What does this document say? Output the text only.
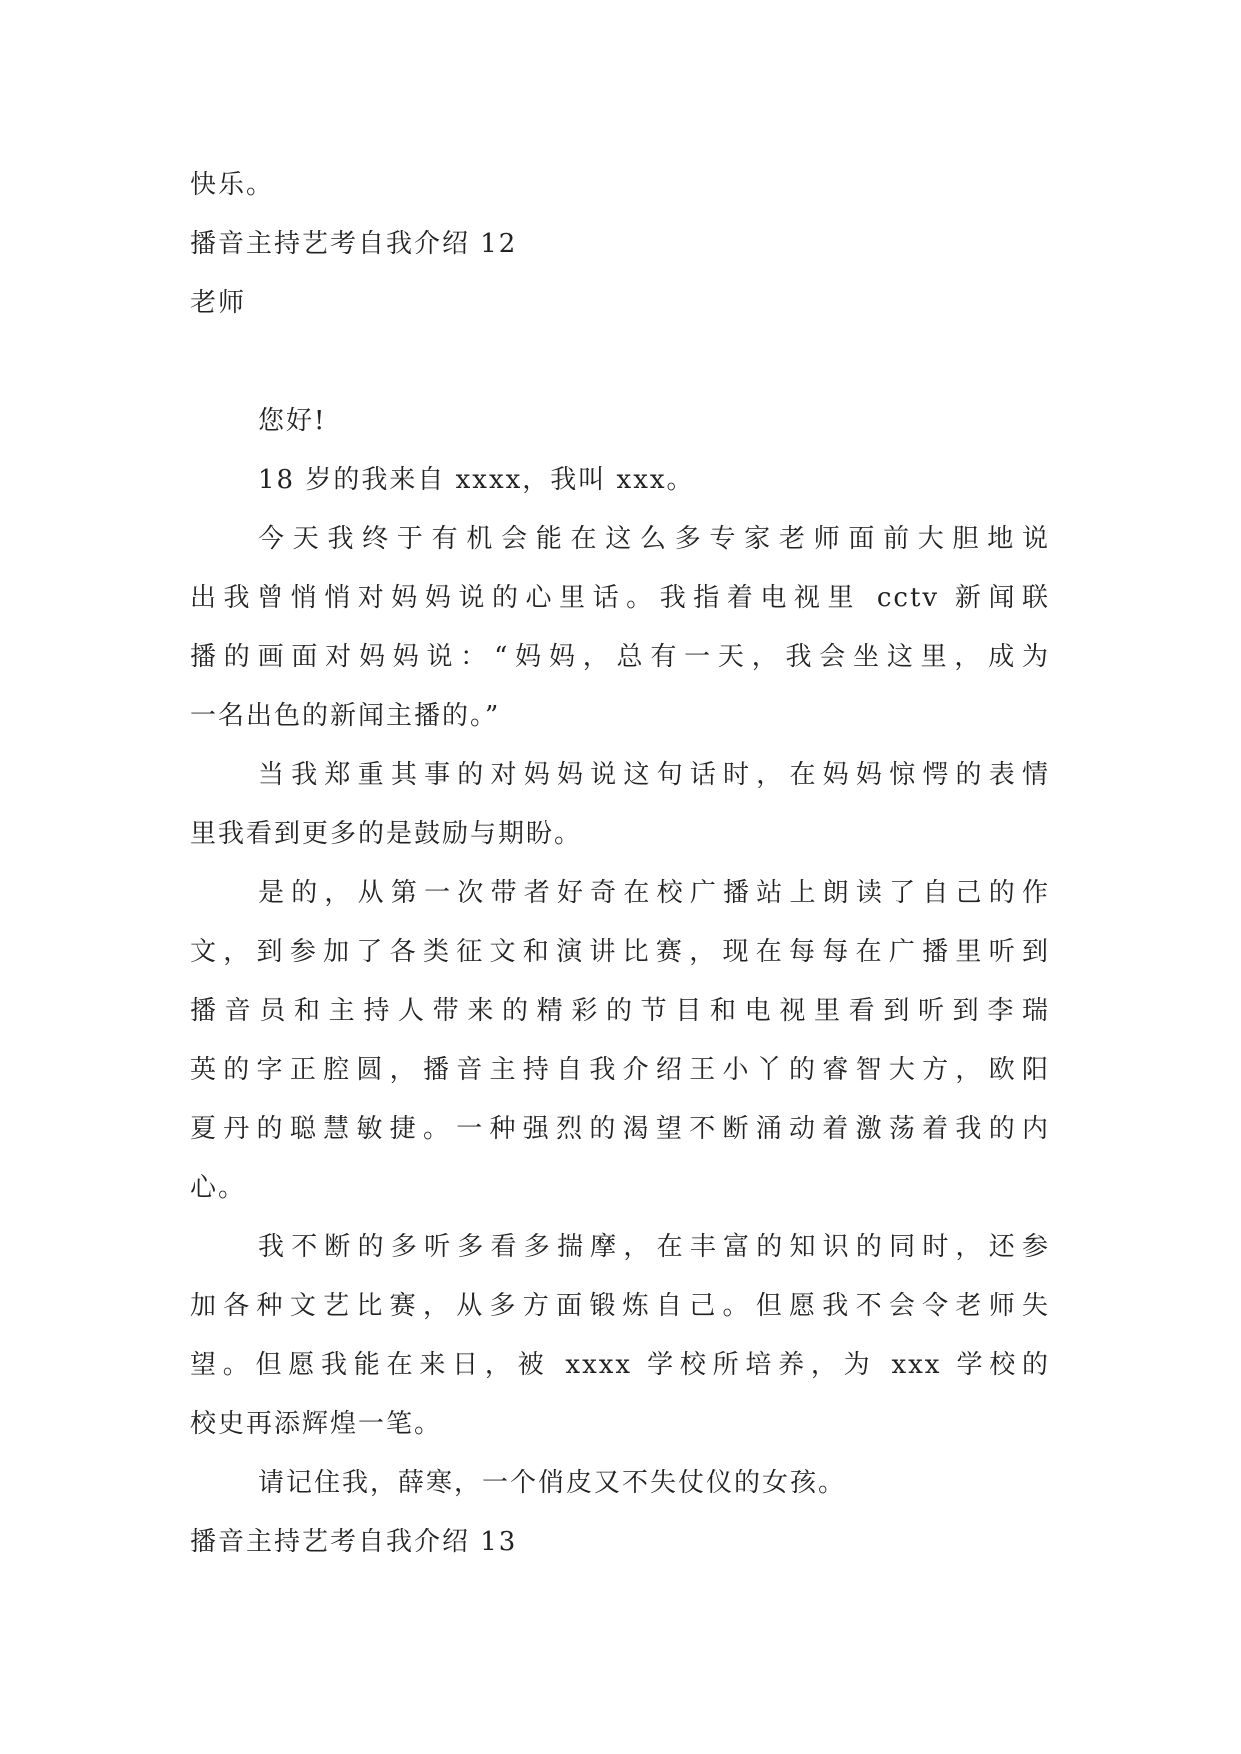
快乐。
播音主持艺考自我介绍 12
老师
您好!
18 岁的我来自 xxxx，我叫 xxx。
今天我终于有机会能在这么多专家老师面前大胆地说
出我曾悄悄对妈妈说的心里话。我指着电视里 cctv 新闻联
播的画面对妈妈说：“妈妈，总有一天，我会坐这里，成为
一名出色的新闻主播的。”
当我郑重其事的对妈妈说这句话时，在妈妈惊愕的表情
里我看到更多的是鼓励与期盼。
是的，从第一次带者好奇在校广播站上朗读了自己的作
文，到参加了各类征文和演讲比赛，现在每每在广播里听到
播音员和主持人带来的精彩的节目和电视里看到听到李瑞
英的字正腔圆，播音主持自我介绍王小丫的睿智大方，欧阳
夏丹的聪慧敏捷。一种强烈的渴望不断涌动着激荡着我的内
心。
我不断的多听多看多揣摩，在丰富的知识的同时，还参
加各种文艺比赛，从多方面锻炼自己。但愿我不会令老师失
望。但愿我能在来日，被 xxxx 学校所培养，为 xxx 学校的
校史再添辉煌一笔。
请记住我，薛寒，一个俏皮又不失仗仪的女孩。
播音主持艺考自我介绍 13
